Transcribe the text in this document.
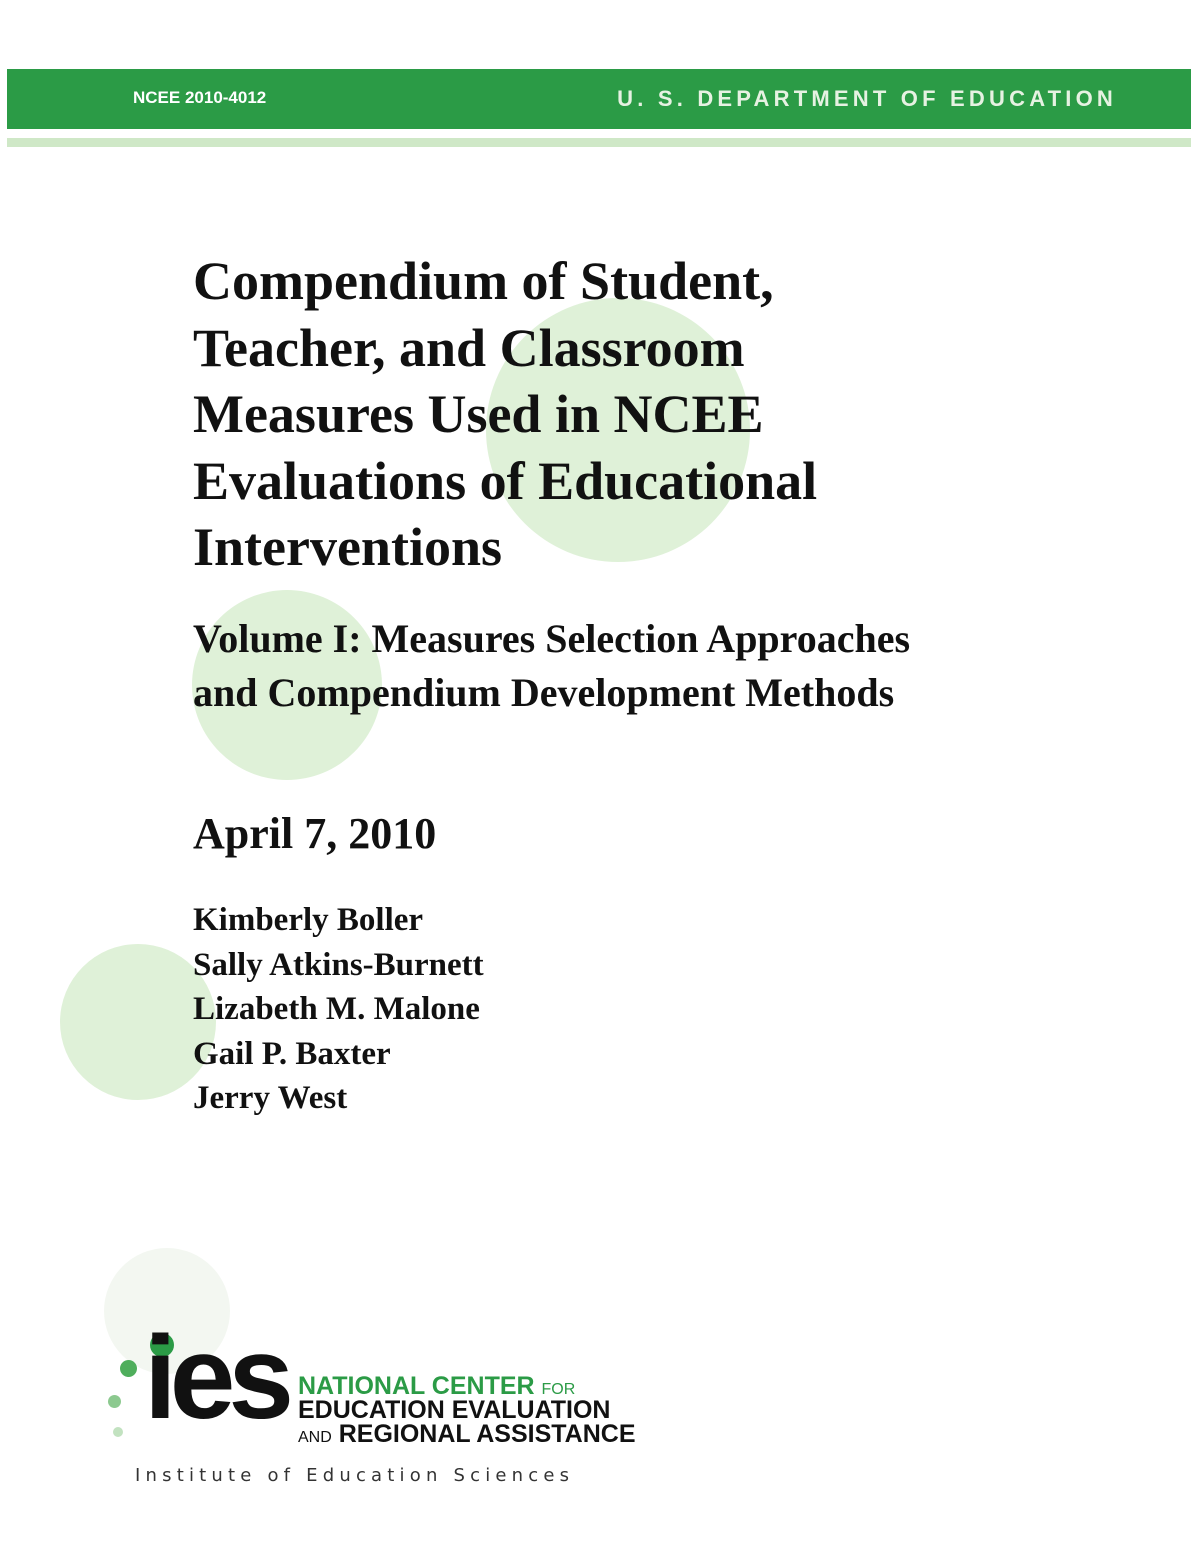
NCEE 2010-4012	U. S. DEPARTMENT OF EDUCATION
Compendium of Student, Teacher, and Classroom Measures Used in NCEE Evaluations of Educational Interventions
Volume I: Measures Selection Approaches and Compendium Development Methods
April 7, 2010
Kimberly Boller
Sally Atkins-Burnett
Lizabeth M. Malone
Gail P. Baxter
Jerry West
ies NATIONAL CENTER FOR
EDUCATION EVALUATION
AND REGIONAL ASSISTANCE
Institute of Education Sciences
